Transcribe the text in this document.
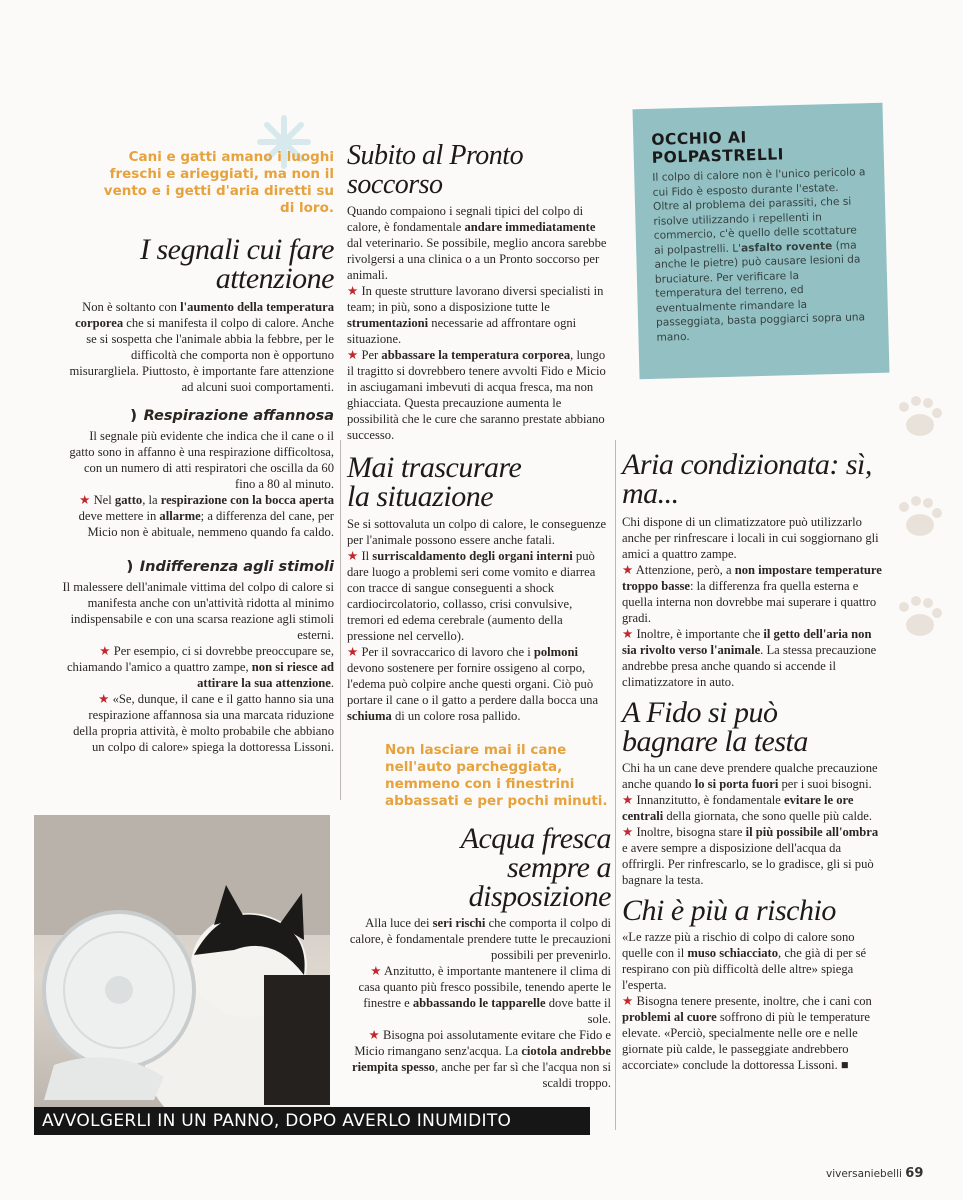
Cani e gatti amano i luoghi freschi e arieggiati, ma non il vento e i getti d'aria diretti su di loro.
I segnali cui fare attenzione

Non è soltanto con l'aumento della temperatura corporea che si manifesta il colpo di calore. Anche se si sospetta che l'animale abbia la febbre, per le difficoltà che comporta non è opportuno misurargliela. Piuttosto, è importante fare attenzione ad alcuni suoi comportamenti.

❫ Respirazione affannosa

Il segnale più evidente che indica che il cane o il gatto sono in affanno è una respirazione difficoltosa, con un numero di atti respiratori che oscilla da 60 fino a 80 al minuto.

★ Nel gatto, la respirazione con la bocca aperta deve mettere in allarme; a differenza del cane, per Micio non è abituale, nemmeno quando fa caldo.

❫ Indifferenza agli stimoli

Il malessere dell'animale vittima del colpo di calore si manifesta anche con un'attività ridotta al minimo indispensabile e con una scarsa reazione agli stimoli esterni.

★ Per esempio, ci si dovrebbe preoccupare se, chiamando l'amico a quattro zampe, non si riesce ad attirare la sua attenzione.

★ «Se, dunque, il cane e il gatto hanno sia una respirazione affannosa sia una marcata riduzione della propria attività, è molto probabile che abbiano un colpo di calore» spiega la dottoressa Lissoni.

Subito al Pronto soccorso

Quando compaiono i segnali tipici del colpo di calore, è fondamentale andare immediatamente dal veterinario. Se possibile, meglio ancora sarebbe rivolgersi a una clinica o a un Pronto soccorso per animali.

★ In queste strutture lavorano diversi specialisti in team; in più, sono a disposizione tutte le strumentazioni necessarie ad affrontare ogni situazione.

★ Per abbassare la temperatura corporea, lungo il tragitto si dovrebbero tenere avvolti Fido e Micio in asciugamani imbevuti di acqua fresca, ma non ghiacciata. Questa precauzione aumenta le possibilità che le cure che saranno prestate abbiano successo.

Mai trascurare la situazione

Se si sottovaluta un colpo di calore, le conseguenze per l'animale possono essere anche fatali.

★ Il surriscaldamento degli organi interni può dare luogo a problemi seri come vomito e diarrea con tracce di sangue conseguenti a shock cardiocircolatorio, collasso, crisi convulsive, tremori ed edema cerebrale (aumento della pressione nel cervello).

★ Per il sovraccarico di lavoro che i polmoni devono sostenere per fornire ossigeno al corpo, l'edema può colpire anche questi organi. Ciò può portare il cane o il gatto a perdere dalla bocca una schiuma di un colore rosa pallido.

Non lasciare mai il cane nell'auto parcheggiata, nemmeno con i finestrini abbassati e per pochi minuti.
Acqua fresca sempre a disposizione

Alla luce dei seri rischi che comporta il colpo di calore, è fondamentale prendere tutte le precauzioni possibili per prevenirlo.

★ Anzitutto, è importante mantenere il clima di casa quanto più fresco possibile, tenendo aperte le finestre e abbassando le tapparelle dove batte il sole.

★ Bisogna poi assolutamente evitare che Fido e Micio rimangano senz'acqua. La ciotola andrebbe riempita spesso, anche per far sì che l'acqua non si scaldi troppo.

OCCHIO AI POLPASTRELLI

Il colpo di calore non è l'unico pericolo a cui Fido è esposto durante l'estate. Oltre al problema dei parassiti, che si risolve utilizzando i repellenti in commercio, c'è quello delle scottature ai polpastrelli. L'asfalto rovente (ma anche le pietre) può causare lesioni da bruciature. Per verificare la temperatura del terreno, ed eventualmente rimandare la passeggiata, basta poggiarci sopra una mano.

Aria condizionata: sì, ma...

Chi dispone di un climatizzatore può utilizzarlo anche per rinfrescare i locali in cui soggiornano gli amici a quattro zampe.

★ Attenzione, però, a non impostare temperature troppo basse: la differenza fra quella esterna e quella interna non dovrebbe mai superare i quattro gradi.

★ Inoltre, è importante che il getto dell'aria non sia rivolto verso l'animale. La stessa precauzione andrebbe presa anche quando si accende il climatizzatore in auto.

A Fido si può bagnare la testa

Chi ha un cane deve prendere qualche precauzione anche quando lo si porta fuori per i suoi bisogni.

★ Innanzitutto, è fondamentale evitare le ore centrali della giornata, che sono quelle più calde.

★ Inoltre, bisogna stare il più possibile all'ombra e avere sempre a disposizione dell'acqua da offrirgli. Per rinfrescarlo, se lo gradisce, gli si può bagnare la testa.

Chi è più a rischio

«Le razze più a rischio di colpo di calore sono quelle con il muso schiacciato, che già di per sé respirano con più difficoltà delle altre» spiega l'esperta.

★ Bisogna tenere presente, inoltre, che i cani con problemi al cuore soffrono di più le temperature elevate. «Perciò, specialmente nelle ore e nelle giornate più calde, le passeggiate andrebbero accorciate» conclude la dottoressa Lissoni. ■

AVVOLGERLI IN UN PANNO, DOPO AVERLO INUMIDITO
viversaniebelli 69
